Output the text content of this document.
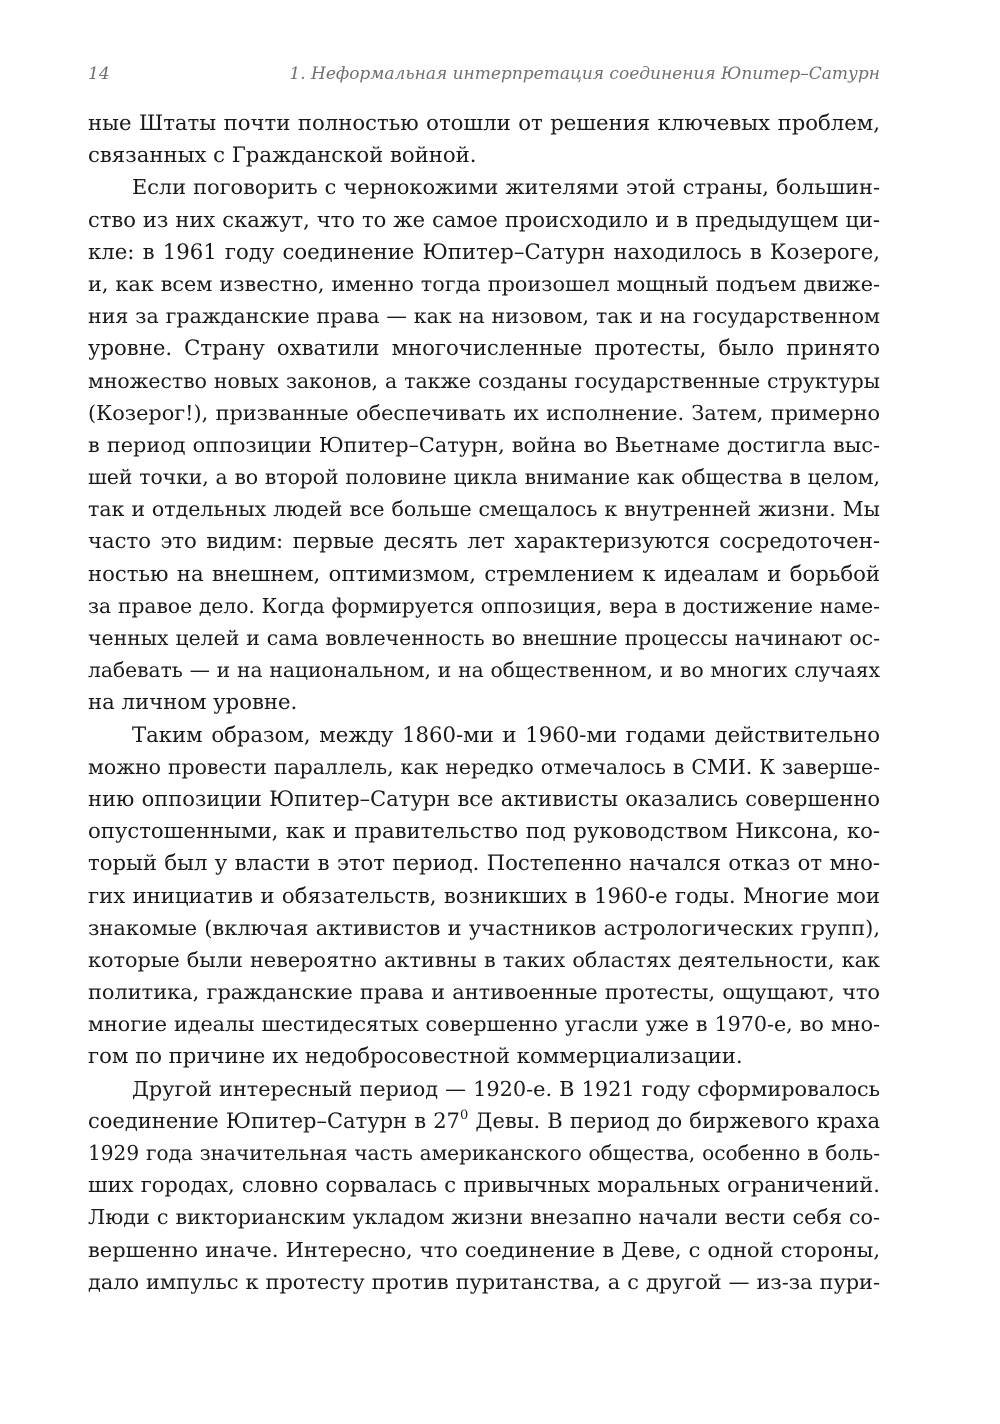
14	1. Неформальная интерпретация соединения Юпитер–Сатурн
ные Штаты почти полностью отошли от решения ключевых проблем,
связанных с Гражданской войной.
Если поговорить с чернокожими жителями этой страны, большин-
ство из них скажут, что то же самое происходило и в предыдущем ци-
кле: в 1961 году соединение Юпитер–Сатурн находилось в Козероге,
и, как всем известно, именно тогда произошел мощный подъем движе-
ния за гражданские права — как на низовом, так и на государственном
уровне. Страну охватили многочисленные протесты, было принято
множество новых законов, а также созданы государственные структуры
(Козерог!), призванные обеспечивать их исполнение. Затем, примерно
в период оппозиции Юпитер–Сатурн, война во Вьетнаме достигла выс-
шей точки, а во второй половине цикла внимание как общества в целом,
так и отдельных людей все больше смещалось к внутренней жизни. Мы
часто это видим: первые десять лет характеризуются сосредоточен-
ностью на внешнем, оптимизмом, стремлением к идеалам и борьбой
за правое дело. Когда формируется оппозиция, вера в достижение наме-
ченных целей и сама вовлеченность во внешние процессы начинают ос-
лабевать — и на национальном, и на общественном, и во многих случаях
на личном уровне.
Таким образом, между 1860-ми и 1960-ми годами действительно
можно провести параллель, как нередко отмечалось в СМИ. К заверше-
нию оппозиции Юпитер–Сатурн все активисты оказались совершенно
опустошенными, как и правительство под руководством Никсона, ко-
торый был у власти в этот период. Постепенно начался отказ от мно-
гих инициатив и обязательств, возникших в 1960-е годы. Многие мои
знакомые (включая активистов и участников астрологических групп),
которые были невероятно активны в таких областях деятельности, как
политика, гражданские права и антивоенные протесты, ощущают, что
многие идеалы шестидесятых совершенно угасли уже в 1970-е, во мно-
гом по причине их недобросовестной коммерциализации.
Другой интересный период — 1920-е. В 1921 году сформировалось
соединение Юпитер–Сатурн в $27^0$ Девы. В период до биржевого краха
1929 года значительная часть американского общества, особенно в боль-
ших городах, словно сорвалась с привычных моральных ограничений.
Люди с викторианским укладом жизни внезапно начали вести себя со-
вершенно иначе. Интересно, что соединение в Деве, с одной стороны,
дало импульс к протесту против пуританства, а с другой — из-за пури-
